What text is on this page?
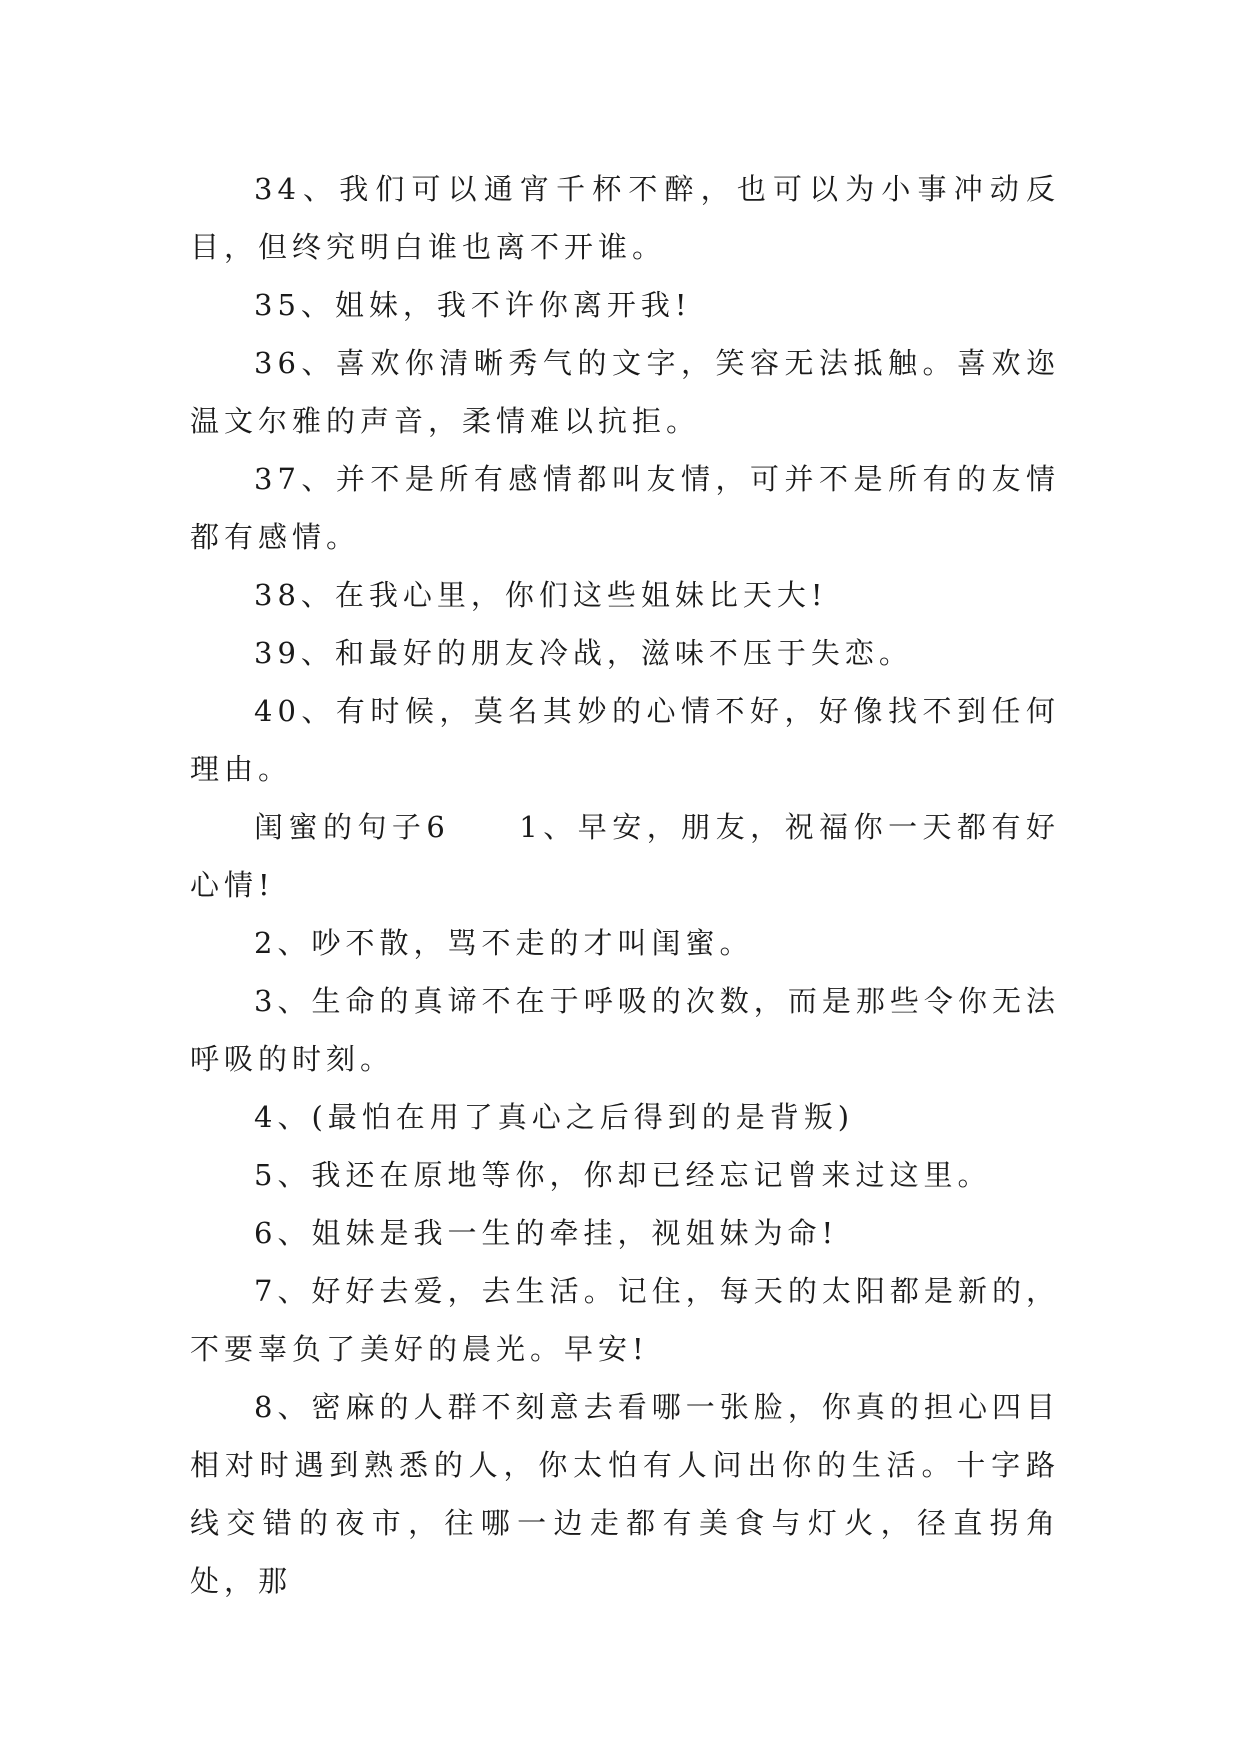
34、我们可以通宵千杯不醉，也可以为小事冲动反目，但终究明白谁也离不开谁。

35、姐妹，我不许你离开我!

36、喜欢你清晰秀气的文字，笑容无法抵触。喜欢迩温文尔雅的声音，柔情难以抗拒。

37、并不是所有感情都叫友情，可并不是所有的友情都有感情。

38、在我心里，你们这些姐妹比天大!

39、和最好的朋友冷战，滋味不压于失恋。

40、有时候，莫名其妙的心情不好，好像找不到任何理由。

闺蜜的句子6　　1、早安，朋友，祝福你一天都有好心情!

2、吵不散，骂不走的才叫闺蜜。

3、生命的真谛不在于呼吸的次数，而是那些令你无法呼吸的时刻。

4、(最怕在用了真心之后得到的是背叛)

5、我还在原地等你，你却已经忘记曾来过这里。

6、姐妹是我一生的牵挂，视姐妹为命!

7、好好去爱，去生活。记住，每天的太阳都是新的，不要辜负了美好的晨光。早安!

8、密麻的人群不刻意去看哪一张脸，你真的担心四目相对时遇到熟悉的人，你太怕有人问出你的生活。十字路线交错的夜市，往哪一边走都有美食与灯火，径直拐角处，那
